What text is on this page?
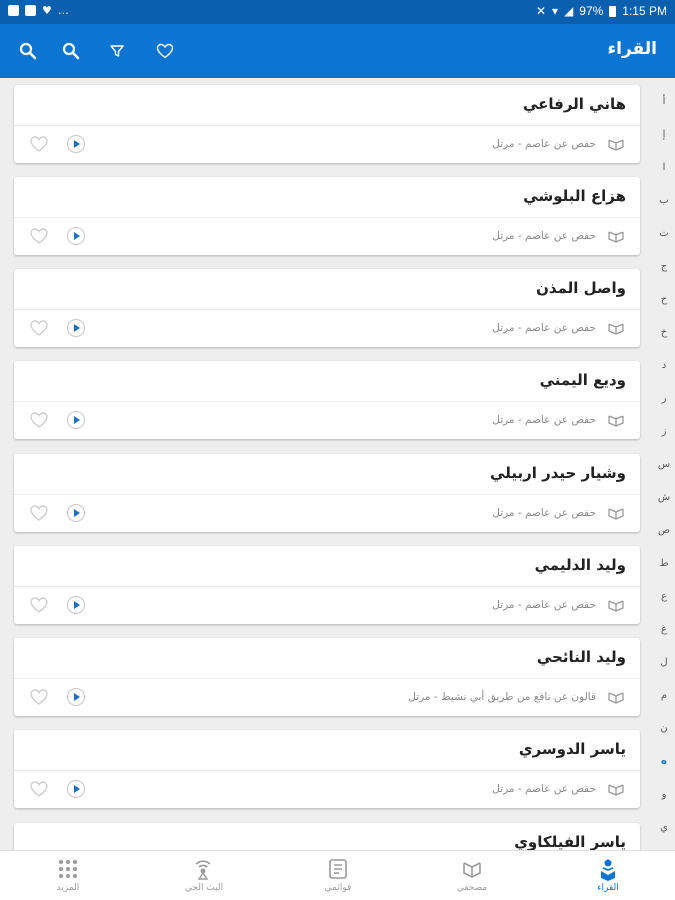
♥ …	✕ ▾ ◢ 97% 1:15 PM
القراء
هاني الرفاعي
حفص عن عاصم - مرتل
هزاع البلوشي
حفص عن عاصم - مرتل
واصل المذن
حفص عن عاصم - مرتل
وديع اليمني
حفص عن عاصم - مرتل
وشيار حيدر اربيلي
حفص عن عاصم - مرتل
وليد الدليمي
حفص عن عاصم - مرتل
وليد النائحي
قالون عن نافع من طريق أبي نشيط - مرتل
ياسر الدوسري
حفص عن عاصم - مرتل
ياسر الفيلكاوي
أ
إ
ا
ب
ت
ج
ح
خ
د
ر
ز
س
ش
ص
ط
ع
غ
ل
م
ن
ه
و
ي
المزيد	البث الحي	قوائمي	مصحفي	القراء
